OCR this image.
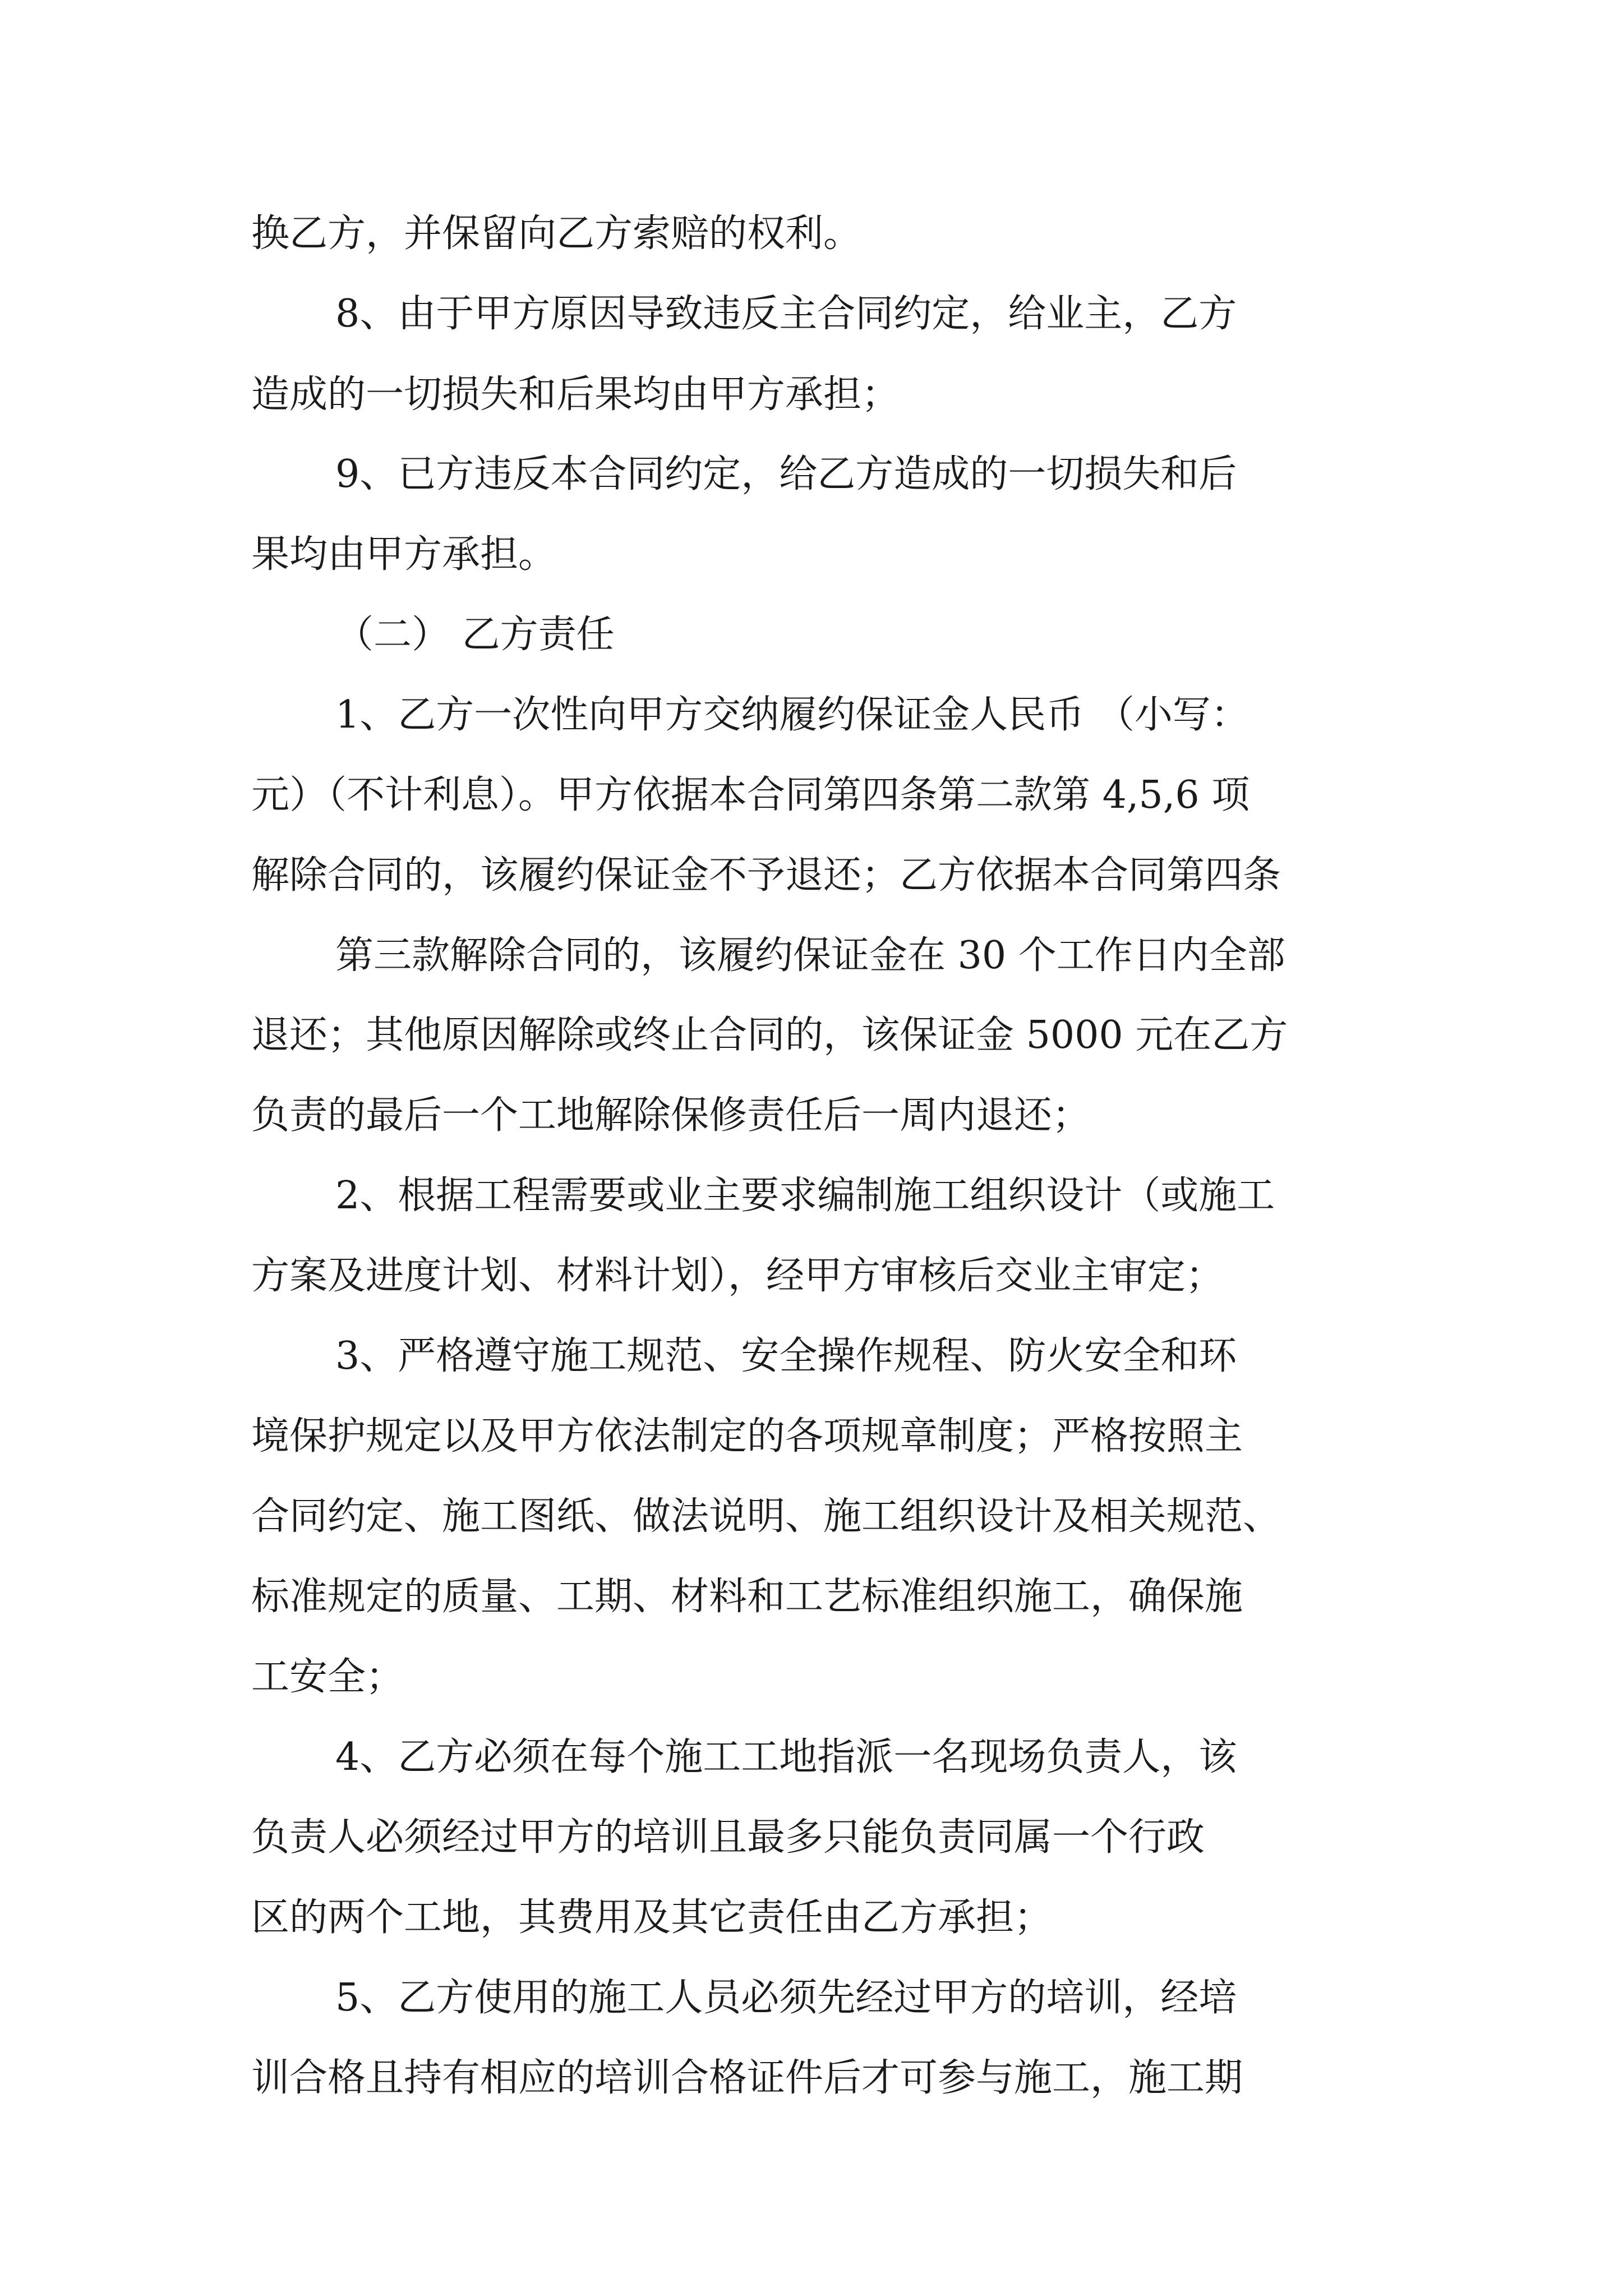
换乙方，并保留向乙方索赔的权利。
8、由于甲方原因导致违反主合同约定，给业主，乙方
造成的一切损失和后果均由甲方承担；
9、已方违反本合同约定，给乙方造成的一切损失和后
果均由甲方承担。
（二） 乙方责任
1、乙方一次性向甲方交纳履约保证金人民币 （小写：
元）（不计利息）。甲方依据本合同第四条第二款第 4,5,6 项
解除合同的，该履约保证金不予退还；乙方依据本合同第四条
第三款解除合同的，该履约保证金在 30 个工作日内全部
退还；其他原因解除或终止合同的，该保证金 5000 元在乙方
负责的最后一个工地解除保修责任后一周内退还；
2、根据工程需要或业主要求编制施工组织设计（或施工
方案及进度计划、材料计划），经甲方审核后交业主审定；
3、严格遵守施工规范、安全操作规程、防火安全和环
境保护规定以及甲方依法制定的各项规章制度；严格按照主
合同约定、施工图纸、做法说明、施工组织设计及相关规范、
标准规定的质量、工期、材料和工艺标准组织施工，确保施
工安全；
4、乙方必须在每个施工工地指派一名现场负责人，该
负责人必须经过甲方的培训且最多只能负责同属一个行政
区的两个工地，其费用及其它责任由乙方承担；
5、乙方使用的施工人员必须先经过甲方的培训，经培
训合格且持有相应的培训合格证件后才可参与施工，施工期
